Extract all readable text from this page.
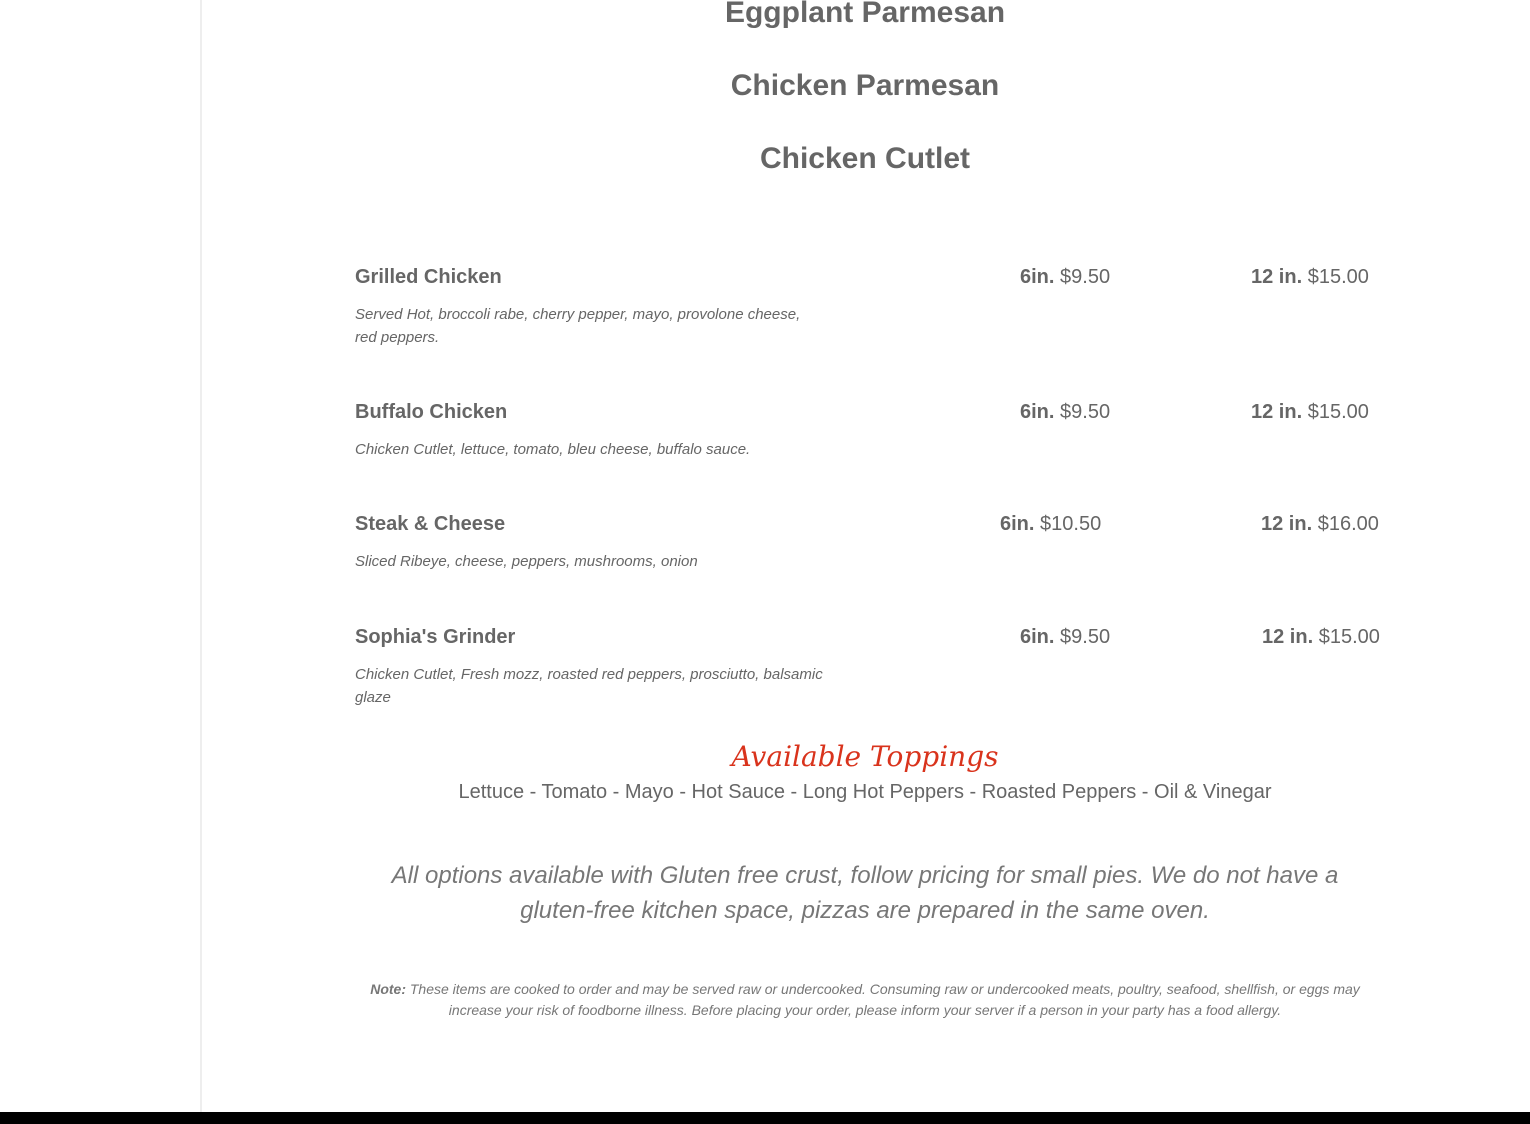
Eggplant Parmesan
Chicken Parmesan
Chicken Cutlet
Grilled Chicken	6in. $9.50	12 in. $15.00
Served Hot, broccoli rabe, cherry pepper, mayo, provolone cheese, red peppers.
Buffalo Chicken	6in. $9.50	12 in. $15.00
Chicken Cutlet, lettuce, tomato, bleu cheese, buffalo sauce.
Steak & Cheese	6in. $10.50	12 in. $16.00
Sliced Ribeye, cheese, peppers, mushrooms, onion
Sophia's Grinder	6in. $9.50	12 in. $15.00
Chicken Cutlet, Fresh mozz, roasted red peppers, prosciutto, balsamic glaze
Available Toppings
Lettuce - Tomato - Mayo - Hot Sauce - Long Hot Peppers - Roasted Peppers - Oil & Vinegar
All options available with Gluten free crust, follow pricing for small pies. We do not have a gluten-free kitchen space, pizzas are prepared in the same oven.
Note: These items are cooked to order and may be served raw or undercooked. Consuming raw or undercooked meats, poultry, seafood, shellfish, or eggs may increase your risk of foodborne illness. Before placing your order, please inform your server if a person in your party has a food allergy.
